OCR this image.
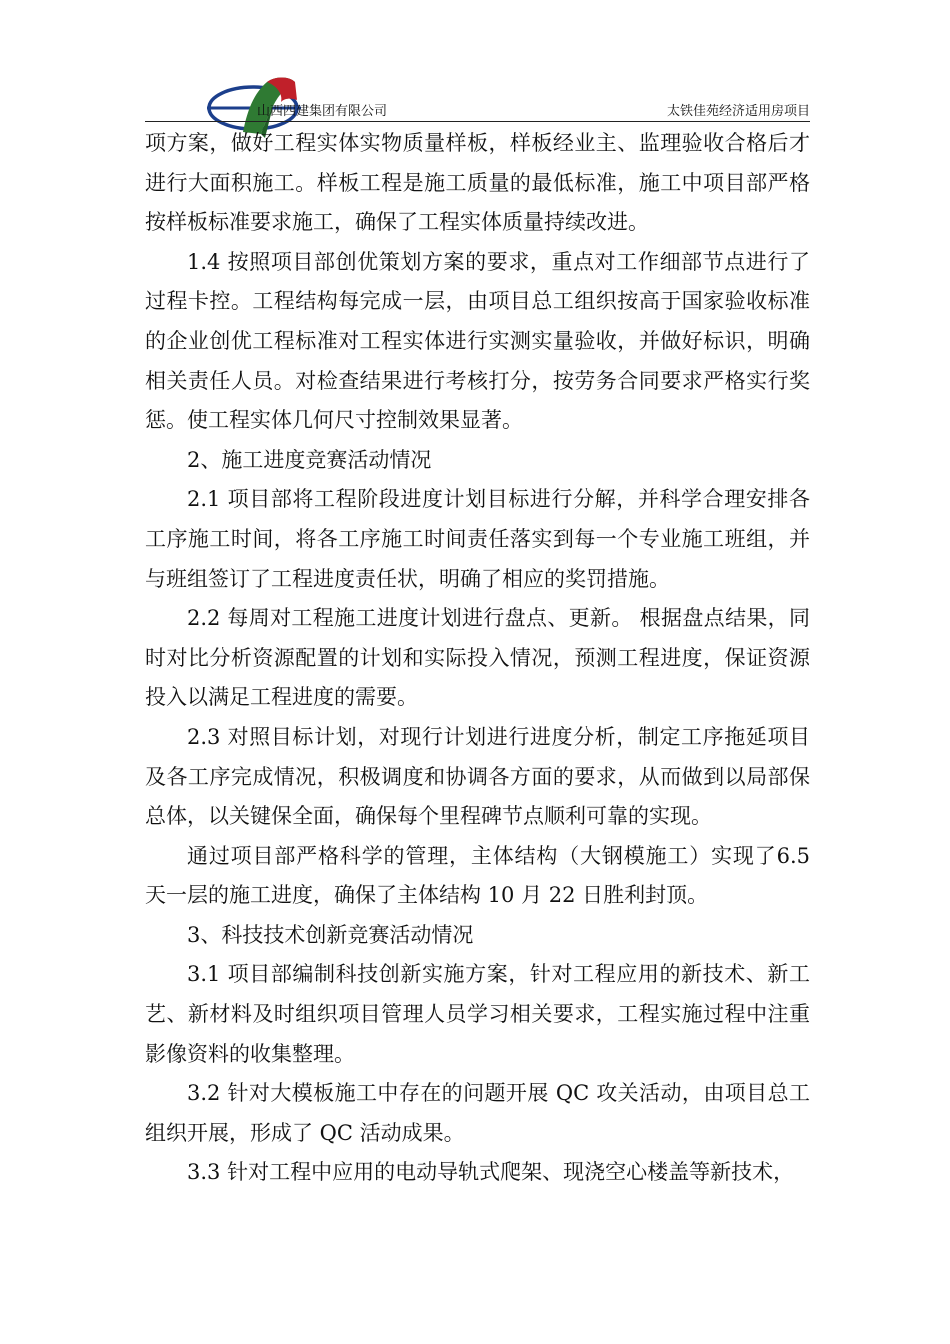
山西四建集团有限公司	太铁佳苑经济适用房项目

项方案，做好工程实体实物质量样板，样板经业主、监理验收合格后才进行大面积施工。样板工程是施工质量的最低标准，施工中项目部严格按样板标准要求施工，确保了工程实体质量持续改进。

1.4 按照项目部创优策划方案的要求，重点对工作细部节点进行了过程卡控。工程结构每完成一层，由项目总工组织按高于国家验收标准的企业创优工程标准对工程实体进行实测实量验收，并做好标识，明确相关责任人员。对检查结果进行考核打分，按劳务合同要求严格实行奖惩。使工程实体几何尺寸控制效果显著。

2、施工进度竞赛活动情况

2.1 项目部将工程阶段进度计划目标进行分解，并科学合理安排各工序施工时间，将各工序施工时间责任落实到每一个专业施工班组，并与班组签订了工程进度责任状，明确了相应的奖罚措施。

2.2 每周对工程施工进度计划进行盘点、更新。 根据盘点结果，同时对比分析资源配置的计划和实际投入情况，预测工程进度，保证资源投入以满足工程进度的需要。

2.3 对照目标计划，对现行计划进行进度分析，制定工序拖延项目及各工序完成情况，积极调度和协调各方面的要求，从而做到以局部保总体，以关键保全面，确保每个里程碑节点顺利可靠的实现。

通过项目部严格科学的管理，主体结构（大钢模施工）实现了6.5 天一层的施工进度，确保了主体结构 10 月 22 日胜利封顶。

3、科技技术创新竞赛活动情况

3.1 项目部编制科技创新实施方案，针对工程应用的新技术、新工艺、新材料及时组织项目管理人员学习相关要求，工程实施过程中注重影像资料的收集整理。

3.2 针对大模板施工中存在的问题开展 QC 攻关活动，由项目总工组织开展，形成了 QC 活动成果。

3.3 针对工程中应用的电动导轨式爬架、现浇空心楼盖等新技术，
